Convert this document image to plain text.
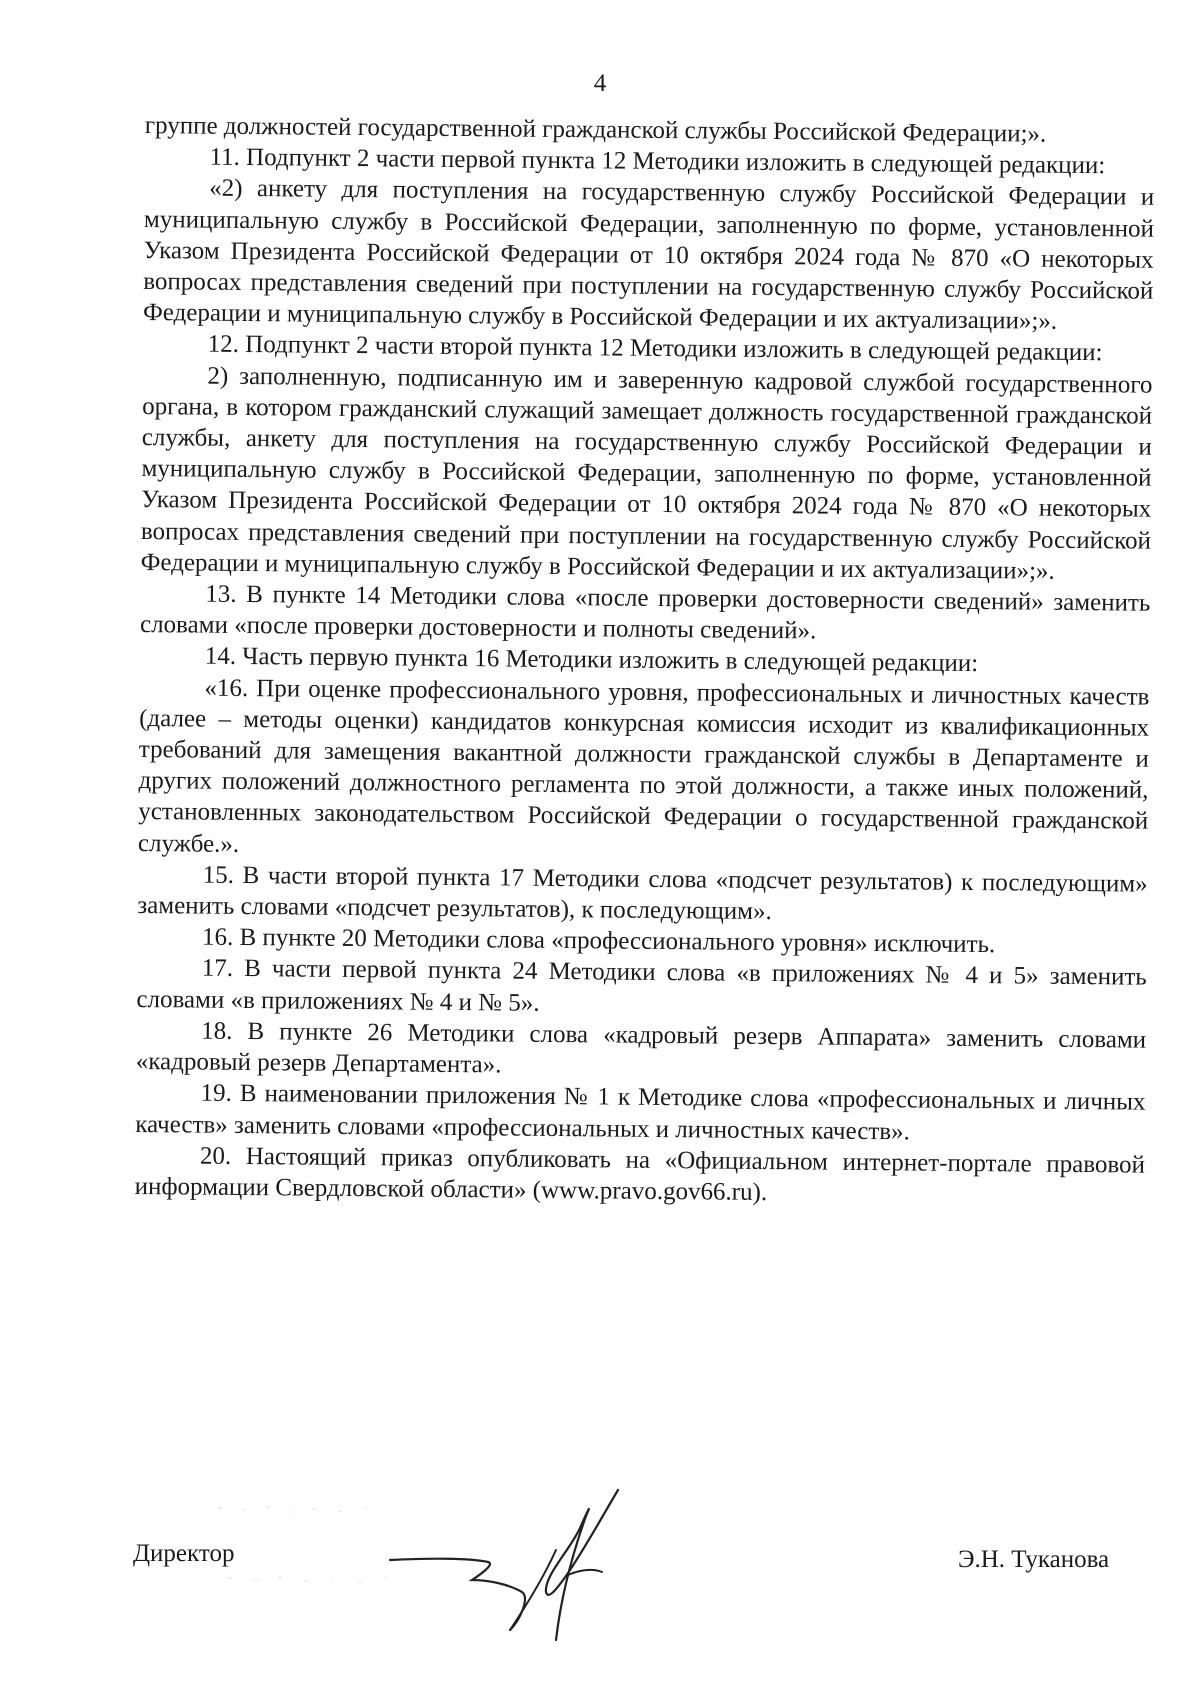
4

группе должностей государственной гражданской службы Российской Федерации;».

11. Подпункт 2 части первой пункта 12 Методики изложить в следующей редакции:

«2) анкету для поступления на государственную службу Российской Федерации и муниципальную службу в Российской Федерации, заполненную по форме, установленной Указом Президента Российской Федерации от 10 октября 2024 года № 870 «О некоторых вопросах представления сведений при поступлении на государственную службу Российской Федерации и муниципальную службу в Российской Федерации и их актуализации»;».

12. Подпункт 2 части второй пункта 12 Методики изложить в следующей редакции:

2) заполненную, подписанную им и заверенную кадровой службой государственного органа, в котором гражданский служащий замещает должность государственной гражданской службы, анкету для поступления на государственную службу Российской Федерации и муниципальную службу в Российской Федерации, заполненную по форме, установленной Указом Президента Российской Федерации от 10 октября 2024 года № 870 «О некоторых вопросах представления сведений при поступлении на государственную службу Российской Федерации и муниципальную службу в Российской Федерации и их актуализации»;».

13. В пункте 14 Методики слова «после проверки достоверности сведений» заменить словами «после проверки достоверности и полноты сведений».

14. Часть первую пункта 16 Методики изложить в следующей редакции:

«16. При оценке профессионального уровня, профессиональных и личностных качеств (далее – методы оценки) кандидатов конкурсная комиссия исходит из квалификационных требований для замещения вакантной должности гражданской службы в Департаменте и других положений должностного регламента по этой должности, а также иных положений, установленных законодательством Российской Федерации о государственной гражданской службе.».

15. В части второй пункта 17 Методики слова «подсчет результатов) к последующим» заменить словами «подсчет результатов), к последующим».

16. В пункте 20 Методики слова «профессионального уровня» исключить.

17. В части первой пункта 24 Методики слова «в приложениях № 4 и 5» заменить словами «в приложениях № 4 и № 5».

18. В пункте 26 Методики слова «кадровый резерв Аппарата» заменить словами «кадровый резерв Департамента».

19. В наименовании приложения № 1 к Методике слова «профессиональных и личных качеств» заменить словами «профессиональных и личностных качеств».

20. Настоящий приказ опубликовать на «Официальном интернет-портале правовой информации Свердловской области» (www.pravo.gov66.ru).

Директор	Э.Н. Туканова
